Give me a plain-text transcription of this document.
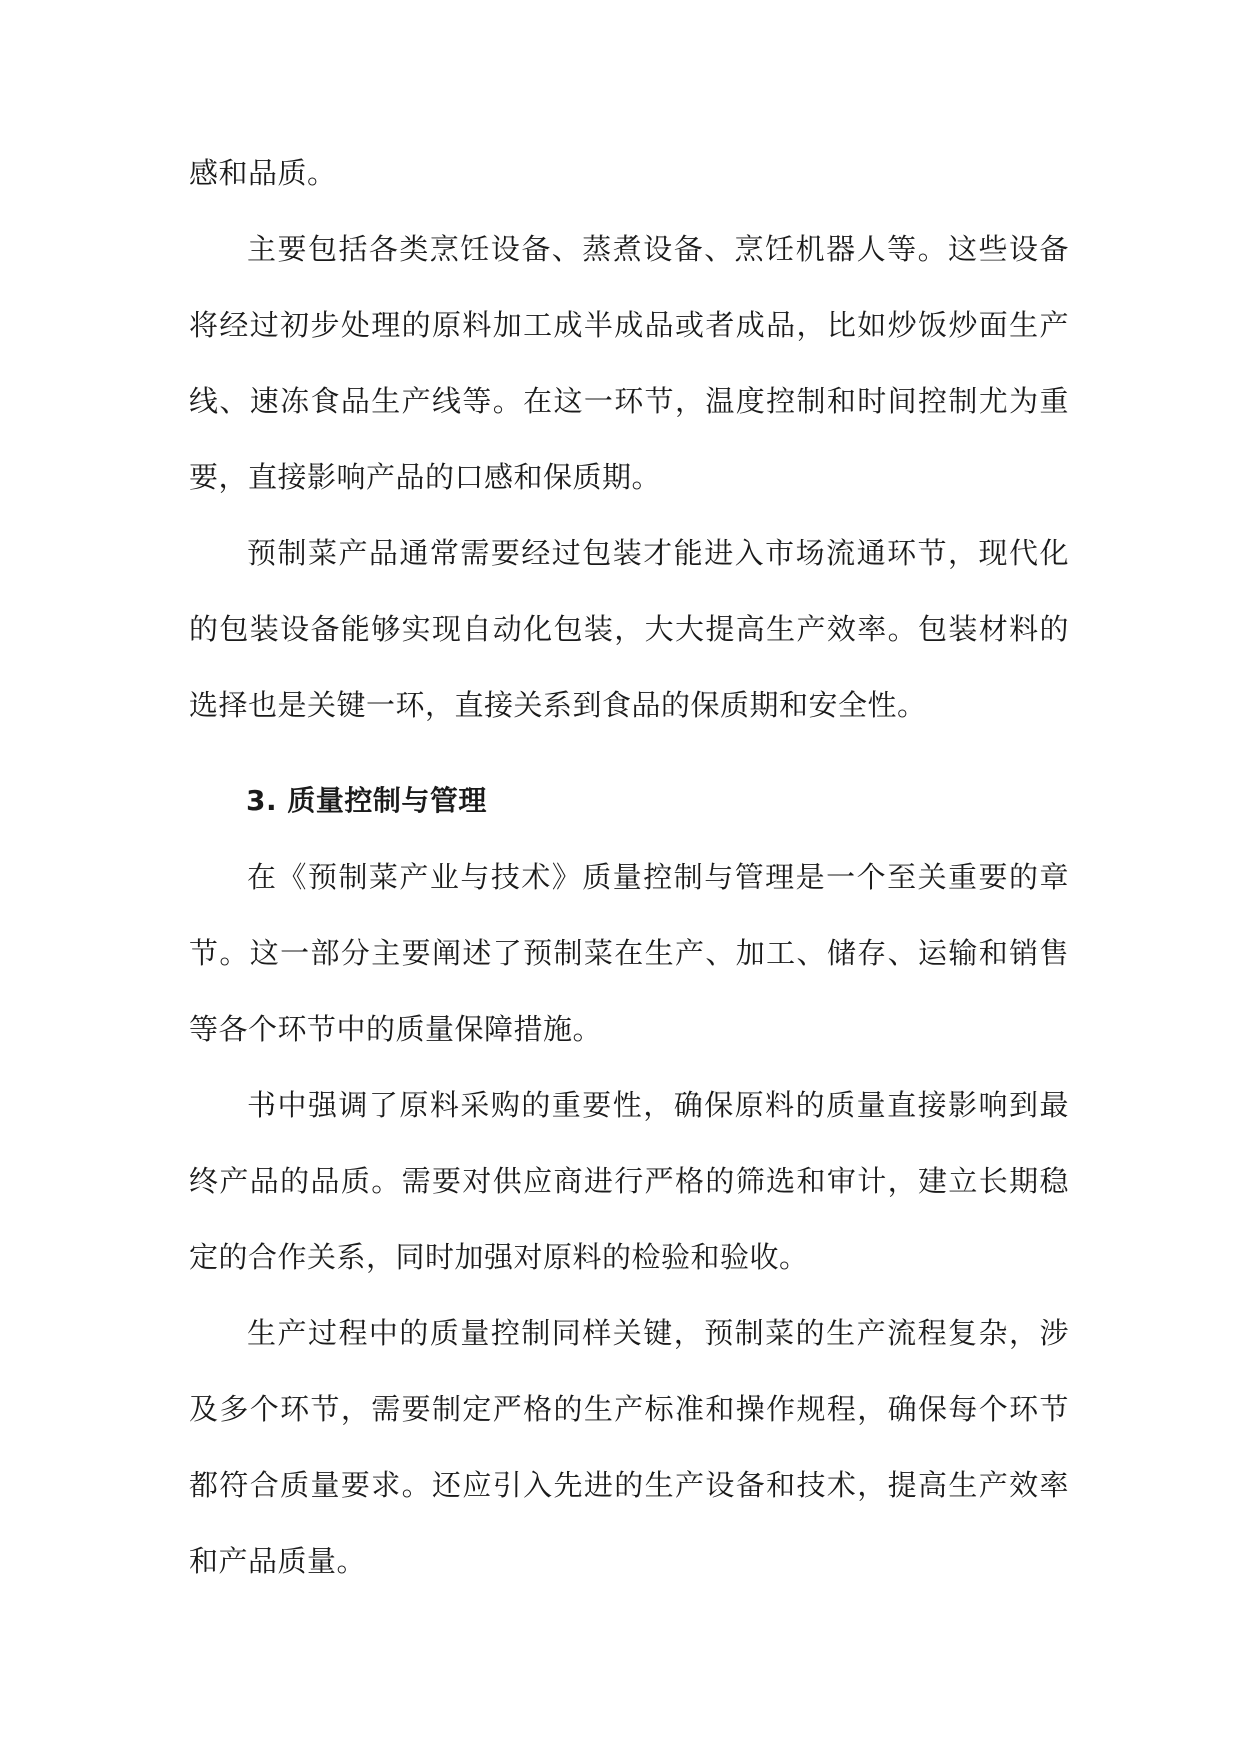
感和品质。

主要包括各类烹饪设备、蒸煮设备、烹饪机器人等。这些设备将经过初步处理的原料加工成半成品或者成品，比如炒饭炒面生产线、速冻食品生产线等。在这一环节，温度控制和时间控制尤为重要，直接影响产品的口感和保质期。

预制菜产品通常需要经过包装才能进入市场流通环节，现代化的包装设备能够实现自动化包装，大大提高生产效率。包装材料的选择也是关键一环，直接关系到食品的保质期和安全性。

3. 质量控制与管理

在《预制菜产业与技术》质量控制与管理是一个至关重要的章节。这一部分主要阐述了预制菜在生产、加工、储存、运输和销售等各个环节中的质量保障措施。

书中强调了原料采购的重要性，确保原料的质量直接影响到最终产品的品质。需要对供应商进行严格的筛选和审计，建立长期稳定的合作关系，同时加强对原料的检验和验收。

生产过程中的质量控制同样关键，预制菜的生产流程复杂，涉及多个环节，需要制定严格的生产标准和操作规程，确保每个环节都符合质量要求。还应引入先进的生产设备和技术，提高生产效率和产品质量。
